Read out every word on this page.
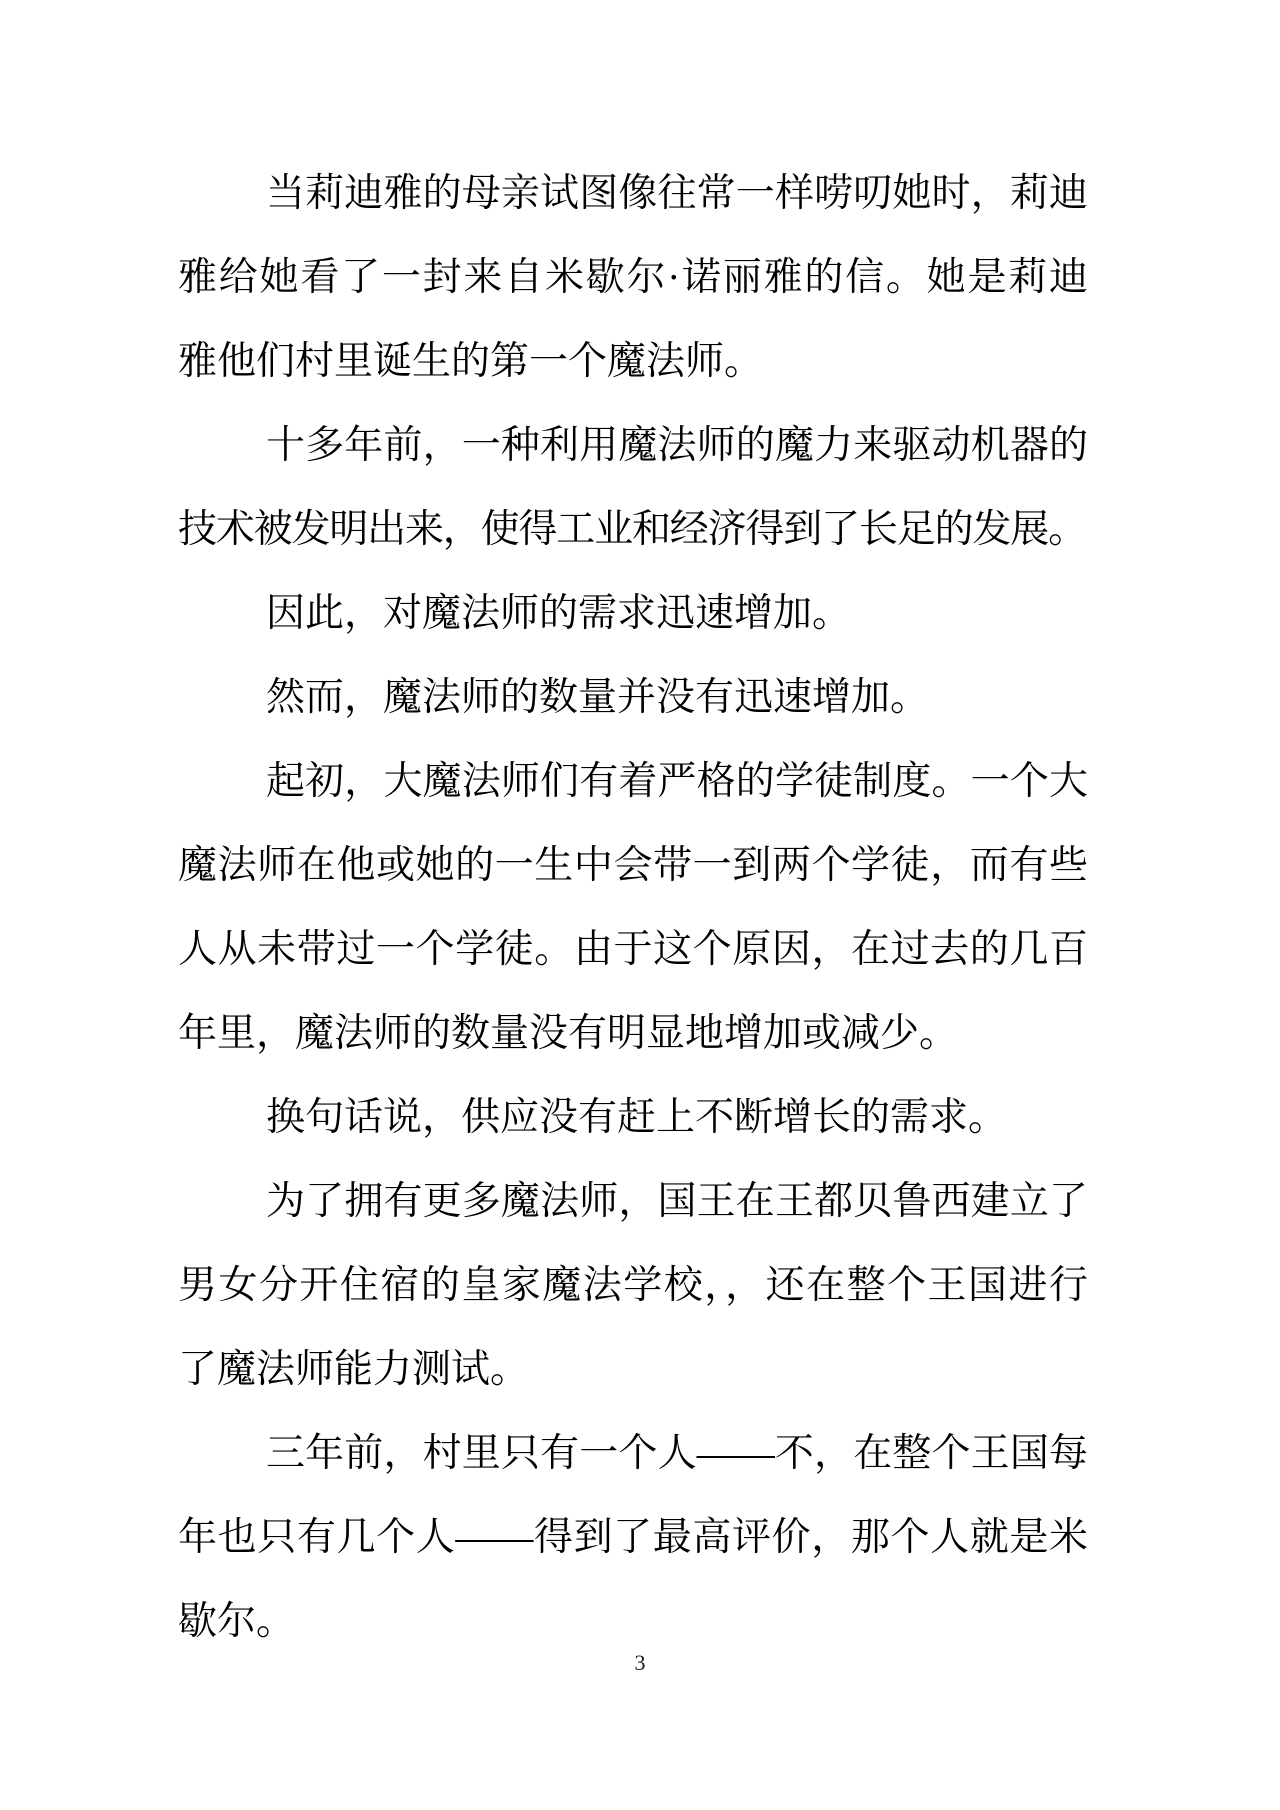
当莉迪雅的母亲试图像往常一样唠叨她时，莉迪
雅给她看了一封来自米歇尔·诺丽雅的信。她是莉迪
雅他们村里诞生的第一个魔法师。
十多年前，一种利用魔法师的魔力来驱动机器的
技术被发明出来，使得工业和经济得到了长足的发展。
因此，对魔法师的需求迅速增加。
然而，魔法师的数量并没有迅速增加。
起初，大魔法师们有着严格的学徒制度。一个大
魔法师在他或她的一生中会带一到两个学徒，而有些
人从未带过一个学徒。由于这个原因，在过去的几百
年里，魔法师的数量没有明显地增加或减少。
换句话说，供应没有赶上不断增长的需求。
为了拥有更多魔法师，国王在王都贝鲁西建立了
男女分开住宿的皇家魔法学校，，还在整个王国进行
了魔法师能力测试。
三年前，村里只有一个人——不，在整个王国每
年也只有几个人——得到了最高评价，那个人就是米
歇尔。
3
